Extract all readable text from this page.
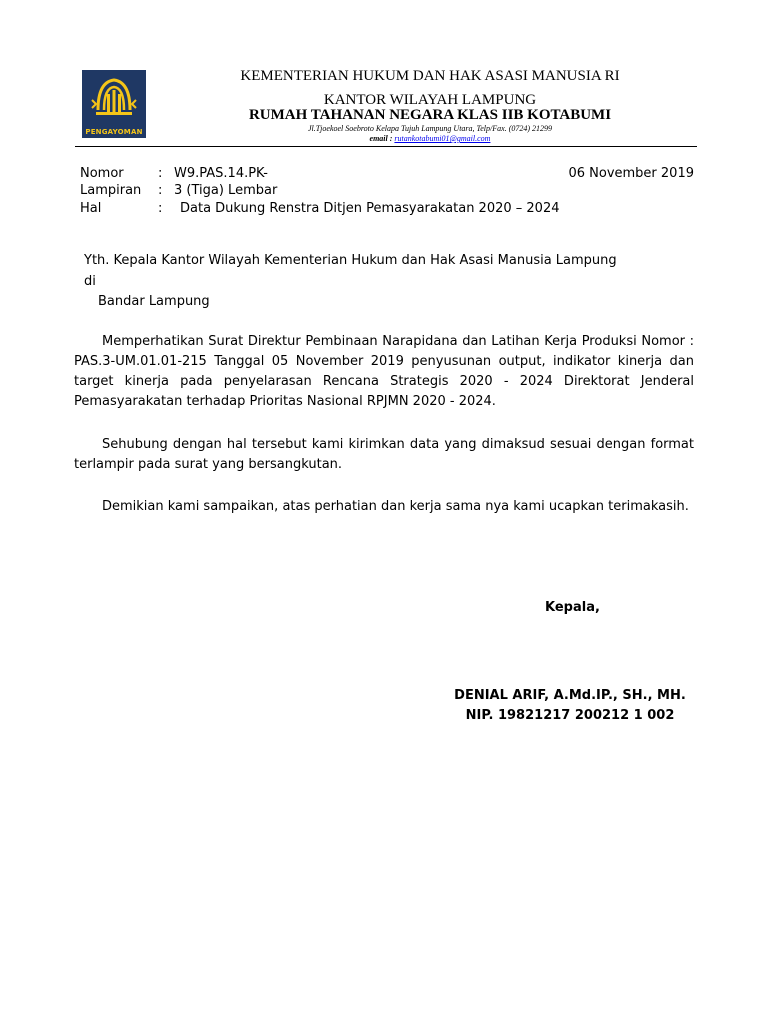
PENGAYOMAN
KEMENTERIAN HUKUM DAN HAK ASASI MANUSIA RI
KANTOR WILAYAH LAMPUNG
RUMAH TAHANAN NEGARA KLAS IIB KOTABUMI
Jl.Tjoekoel Soebroto Kelapa Tujuh Lampung Utara, Telp/Fax. (0724) 21299
email : rutankotabumi01@gmail.com
Nomor	: W9.PAS.14.PK-
Lampiran : 3 (Tiga) Lembar
Hal	: Data Dukung Renstra Ditjen Pemasyarakatan 2020 – 2024
06 November 2019
Yth. Kepala Kantor Wilayah Kementerian Hukum dan Hak Asasi Manusia Lampung
di
Bandar Lampung
Memperhatikan Surat Direktur Pembinaan Narapidana dan Latihan Kerja Produksi Nomor : PAS.3-UM.01.01-215 Tanggal 05 November 2019 penyusunan output, indikator kinerja dan target kinerja pada penyelarasan Rencana Strategis 2020 - 2024 Direktorat Jenderal Pemasyarakatan terhadap Prioritas Nasional RPJMN 2020 - 2024.
Sehubung dengan hal tersebut kami kirimkan data yang dimaksud sesuai dengan format terlampir pada surat yang bersangkutan.
Demikian kami sampaikan, atas perhatian dan kerja sama nya kami ucapkan terimakasih.
Kepala,
DENIAL ARIF, A.Md.IP., SH., MH.
NIP. 19821217 200212 1 002
